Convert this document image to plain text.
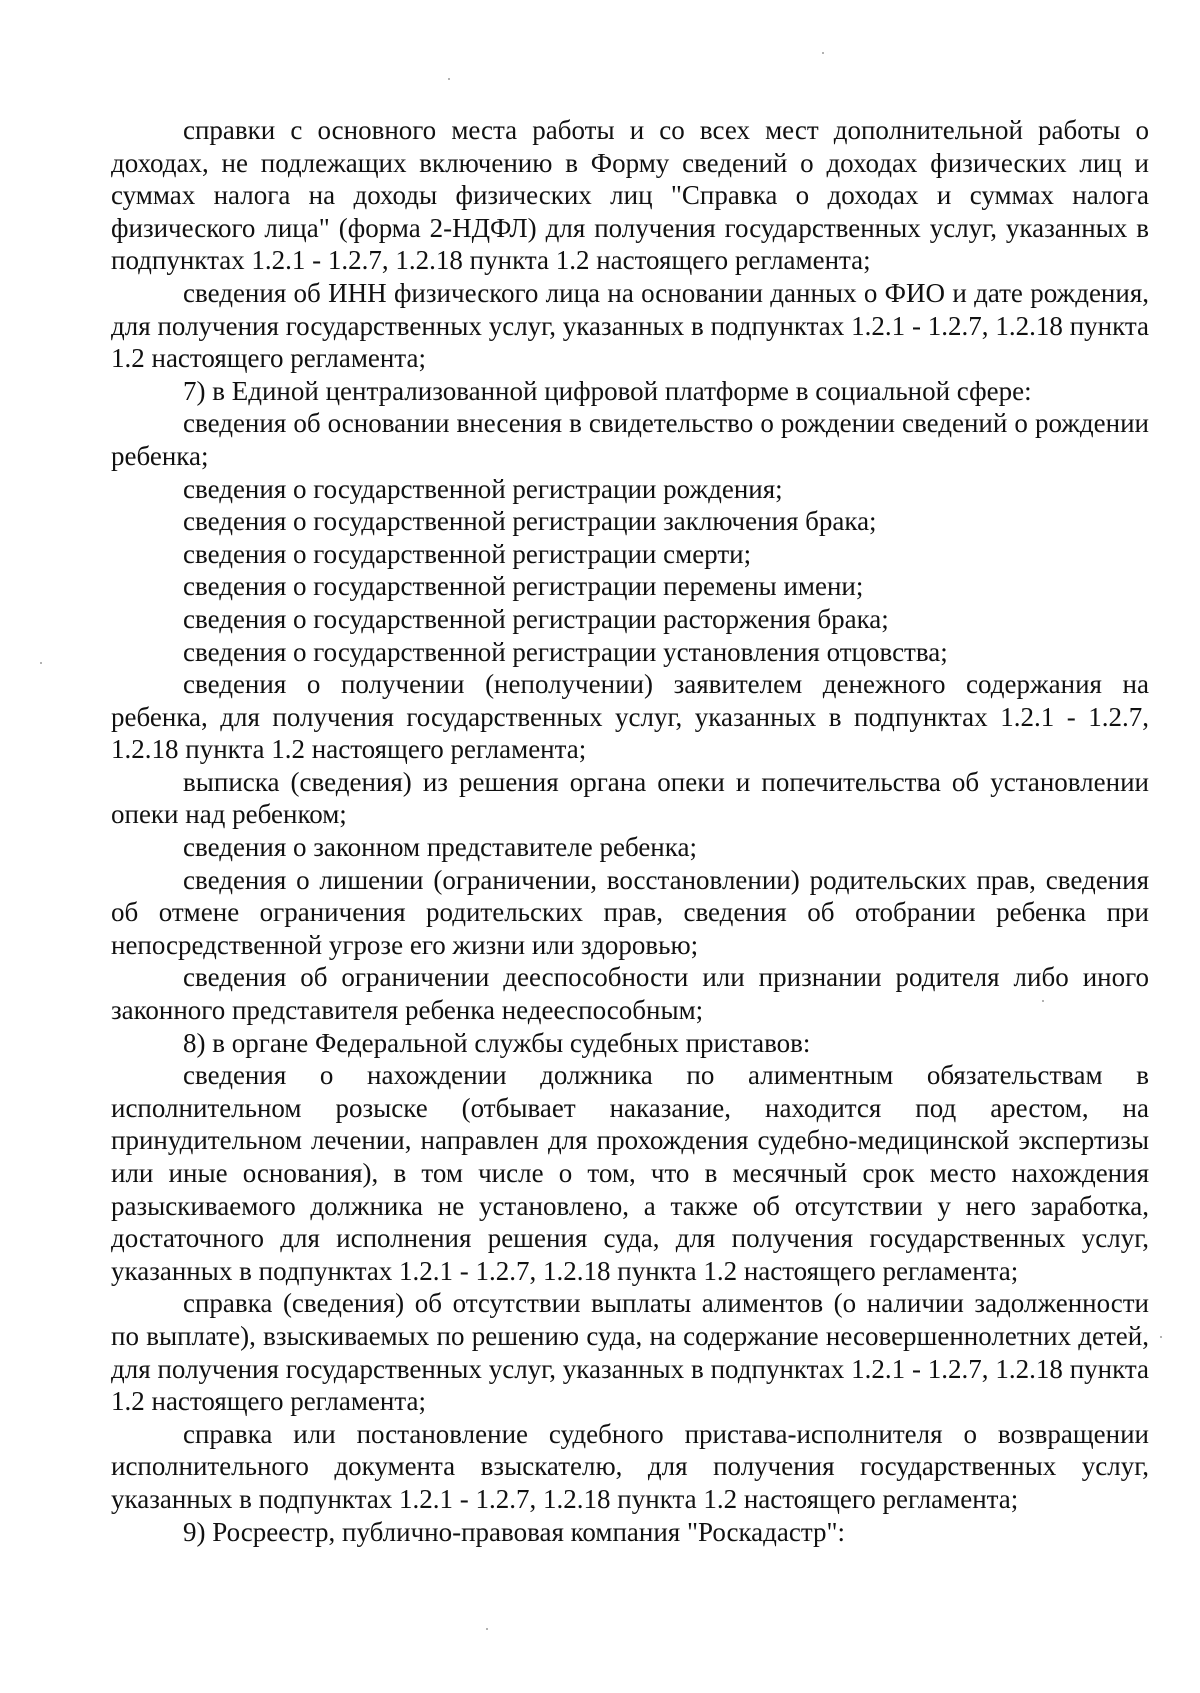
справки с основного места работы и со всех мест дополнительной работы о доходах, не подлежащих включению в Форму сведений о доходах физических лиц и суммах налога на доходы физических лиц "Справка о доходах и суммах налога физического лица" (форма 2-НДФЛ) для получения государственных услуг, указанных в подпунктах 1.2.1 - 1.2.7, 1.2.18 пункта 1.2 настоящего регламента;

сведения об ИНН физического лица на основании данных о ФИО и дате рождения, для получения государственных услуг, указанных в подпунктах 1.2.1 - 1.2.7, 1.2.18 пункта 1.2 настоящего регламента;

7) в Единой централизованной цифровой платформе в социальной сфере:

сведения об основании внесения в свидетельство о рождении сведений о рождении ребенка;

сведения о государственной регистрации рождения;

сведения о государственной регистрации заключения брака;

сведения о государственной регистрации смерти;

сведения о государственной регистрации перемены имени;

сведения о государственной регистрации расторжения брака;

сведения о государственной регистрации установления отцовства;

сведения о получении (неполучении) заявителем денежного содержания на ребенка, для получения государственных услуг, указанных в подпунктах 1.2.1 - 1.2.7, 1.2.18 пункта 1.2 настоящего регламента;

выписка (сведения) из решения органа опеки и попечительства об установлении опеки над ребенком;

сведения о законном представителе ребенка;

сведения о лишении (ограничении, восстановлении) родительских прав, сведения об отмене ограничения родительских прав, сведения об отобрании ребенка при непосредственной угрозе его жизни или здоровью;

сведения об ограничении дееспособности или признании родителя либо иного законного представителя ребенка недееспособным;

8) в органе Федеральной службы судебных приставов:

сведения о нахождении должника по алиментным обязательствам в исполнительном розыске (отбывает наказание, находится под арестом, на принудительном лечении, направлен для прохождения судебно-медицинской экспертизы или иные основания), в том числе о том, что в месячный срок место нахождения разыскиваемого должника не установлено, а также об отсутствии у него заработка, достаточного для исполнения решения суда, для получения государственных услуг, указанных в подпунктах 1.2.1 - 1.2.7, 1.2.18 пункта 1.2 настоящего регламента;

справка (сведения) об отсутствии выплаты алиментов (о наличии задолженности по выплате), взыскиваемых по решению суда, на содержание несовершеннолетних детей, для получения государственных услуг, указанных в подпунктах 1.2.1 - 1.2.7, 1.2.18 пункта 1.2 настоящего регламента;

справка или постановление судебного пристава-исполнителя о возвращении исполнительного документа взыскателю, для получения государственных услуг, указанных в подпунктах 1.2.1 - 1.2.7, 1.2.18 пункта 1.2 настоящего регламента;

9) Росреестр, публично-правовая компания "Роскадастр":
